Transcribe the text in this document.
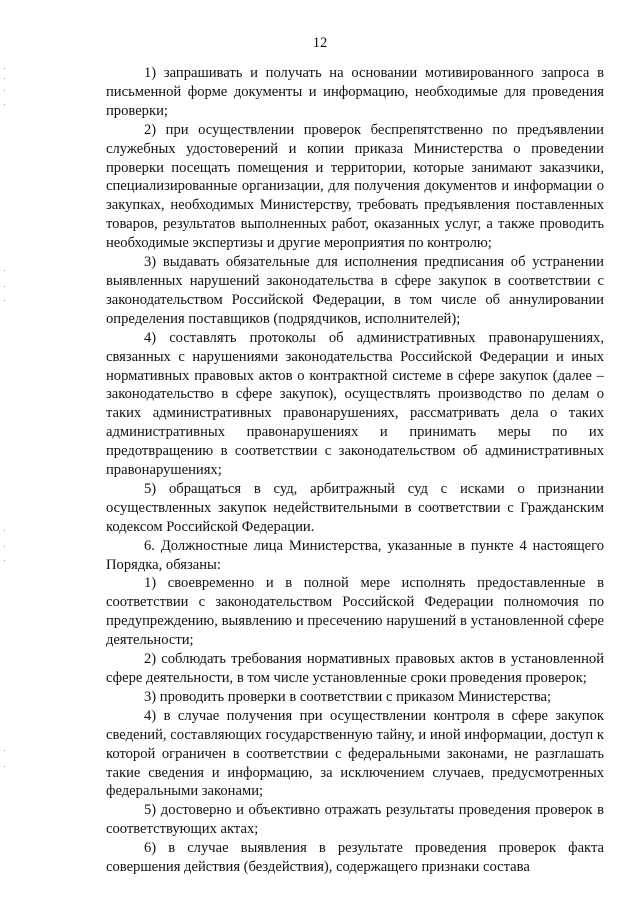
12

1) запрашивать и получать на основании мотивированного запроса в письменной форме документы и информацию, необходимые для проведения проверки;

2) при осуществлении проверок беспрепятственно по предъявлении служебных удостоверений и копии приказа Министерства о проведении проверки посещать помещения и территории, которые занимают заказчики, специализированные организации, для получения документов и информации о закупках, необходимых Министерству, требовать предъявления поставленных товаров, результатов выполненных работ, оказанных услуг, а также проводить необходимые экспертизы и другие мероприятия по контролю;

3) выдавать обязательные для исполнения предписания об устранении выявленных нарушений законодательства в сфере закупок в соответствии с законодательством Российской Федерации, в том числе об аннулировании определения поставщиков (подрядчиков, исполнителей);

4) составлять протоколы об административных правонарушениях, связанных с нарушениями законодательства Российской Федерации и иных нормативных правовых актов о контрактной системе в сфере закупок (далее – законодательство в сфере закупок), осуществлять производство по делам о таких административных правонарушениях, рассматривать дела о таких административных правонарушениях и принимать меры по их предотвращению в соответствии с законодательством об административных правонарушениях;

5) обращаться в суд, арбитражный суд с исками о признании осуществленных закупок недействительными в соответствии с Гражданским кодексом Российской Федерации.

6. Должностные лица Министерства, указанные в пункте 4 настоящего Порядка, обязаны:

1) своевременно и в полной мере исполнять предоставленные в соответствии с законодательством Российской Федерации полномочия по предупреждению, выявлению и пресечению нарушений в установленной сфере деятельности;

2) соблюдать требования нормативных правовых актов в установленной сфере деятельности, в том числе установленные сроки проведения проверок;

3) проводить проверки в соответствии с приказом Министерства;

4) в случае получения при осуществлении контроля в сфере закупок сведений, составляющих государственную тайну, и иной информации, доступ к которой ограничен в соответствии с федеральными законами, не разглашать такие сведения и информацию, за исключением случаев, предусмотренных федеральными законами;

5) достоверно и объективно отражать результаты проведения проверок в соответствующих актах;

6) в случае выявления в результате проведения проверок факта совершения действия (бездействия), содержащего признаки состава
